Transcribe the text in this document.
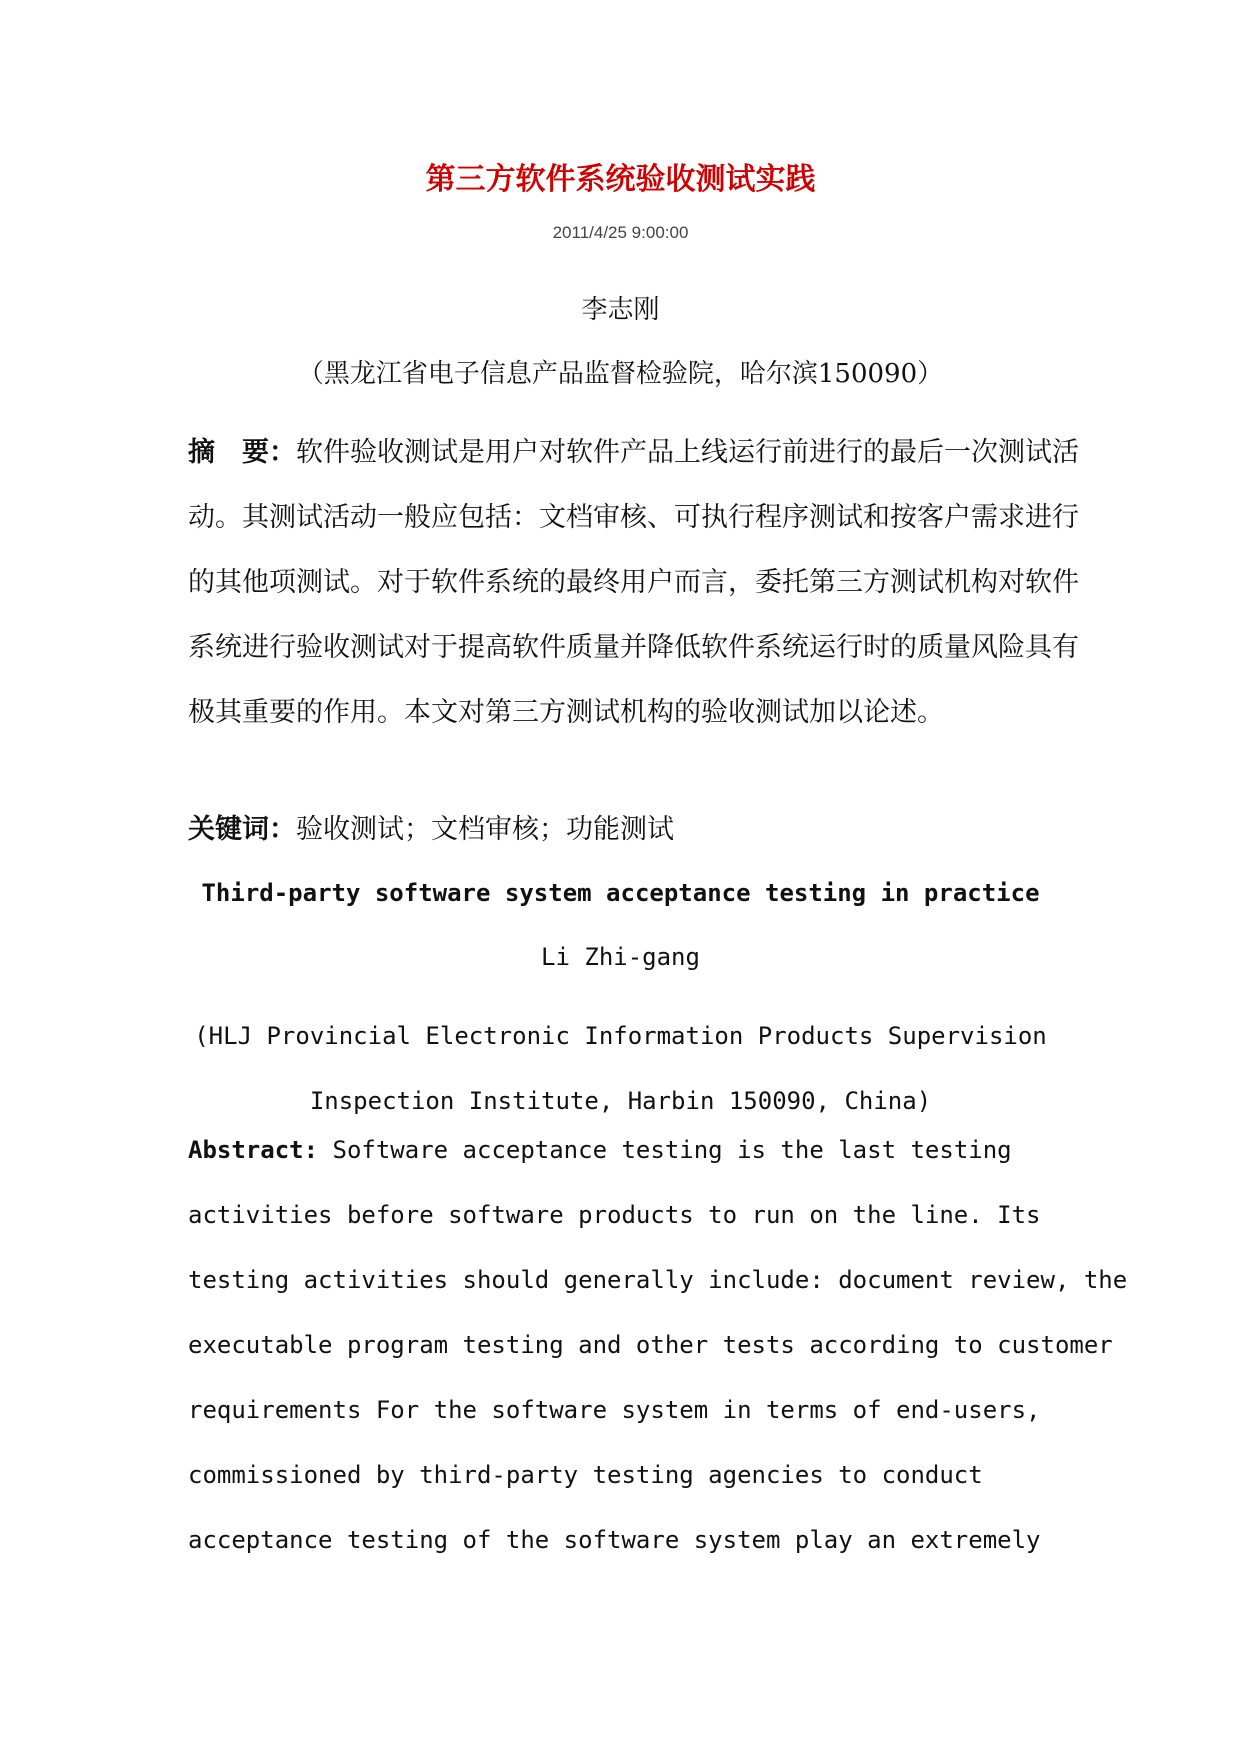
第三方软件系统验收测试实践
2011/4/25 9:00:00
李志刚
（黑龙江省电子信息产品监督检验院，哈尔滨150090）

摘　要：软件验收测试是用户对软件产品上线运行前进行的最后一次测试活动。其测试活动一般应包括：文档审核、可执行程序测试和按客户需求进行的其他项测试。对于软件系统的最终用户而言，委托第三方测试机构对软件系统进行验收测试对于提高软件质量并降低软件系统运行时的质量风险具有极其重要的作用。本文对第三方测试机构的验收测试加以论述。

关键词：验收测试；文档审核；功能测试
Third-party software system acceptance testing in practice
Li Zhi-gang
(HLJ Provincial Electronic Information Products Supervision
Inspection Institute, Harbin 150090, China)
Abstract: Software acceptance testing is the last testing
activities before software products to run on the line. Its
testing activities should generally include: document review, the
executable program testing and other tests according to customer
requirements For the software system in terms of end-users,
commissioned by third-party testing agencies to conduct
acceptance testing of the software system play an extremely
